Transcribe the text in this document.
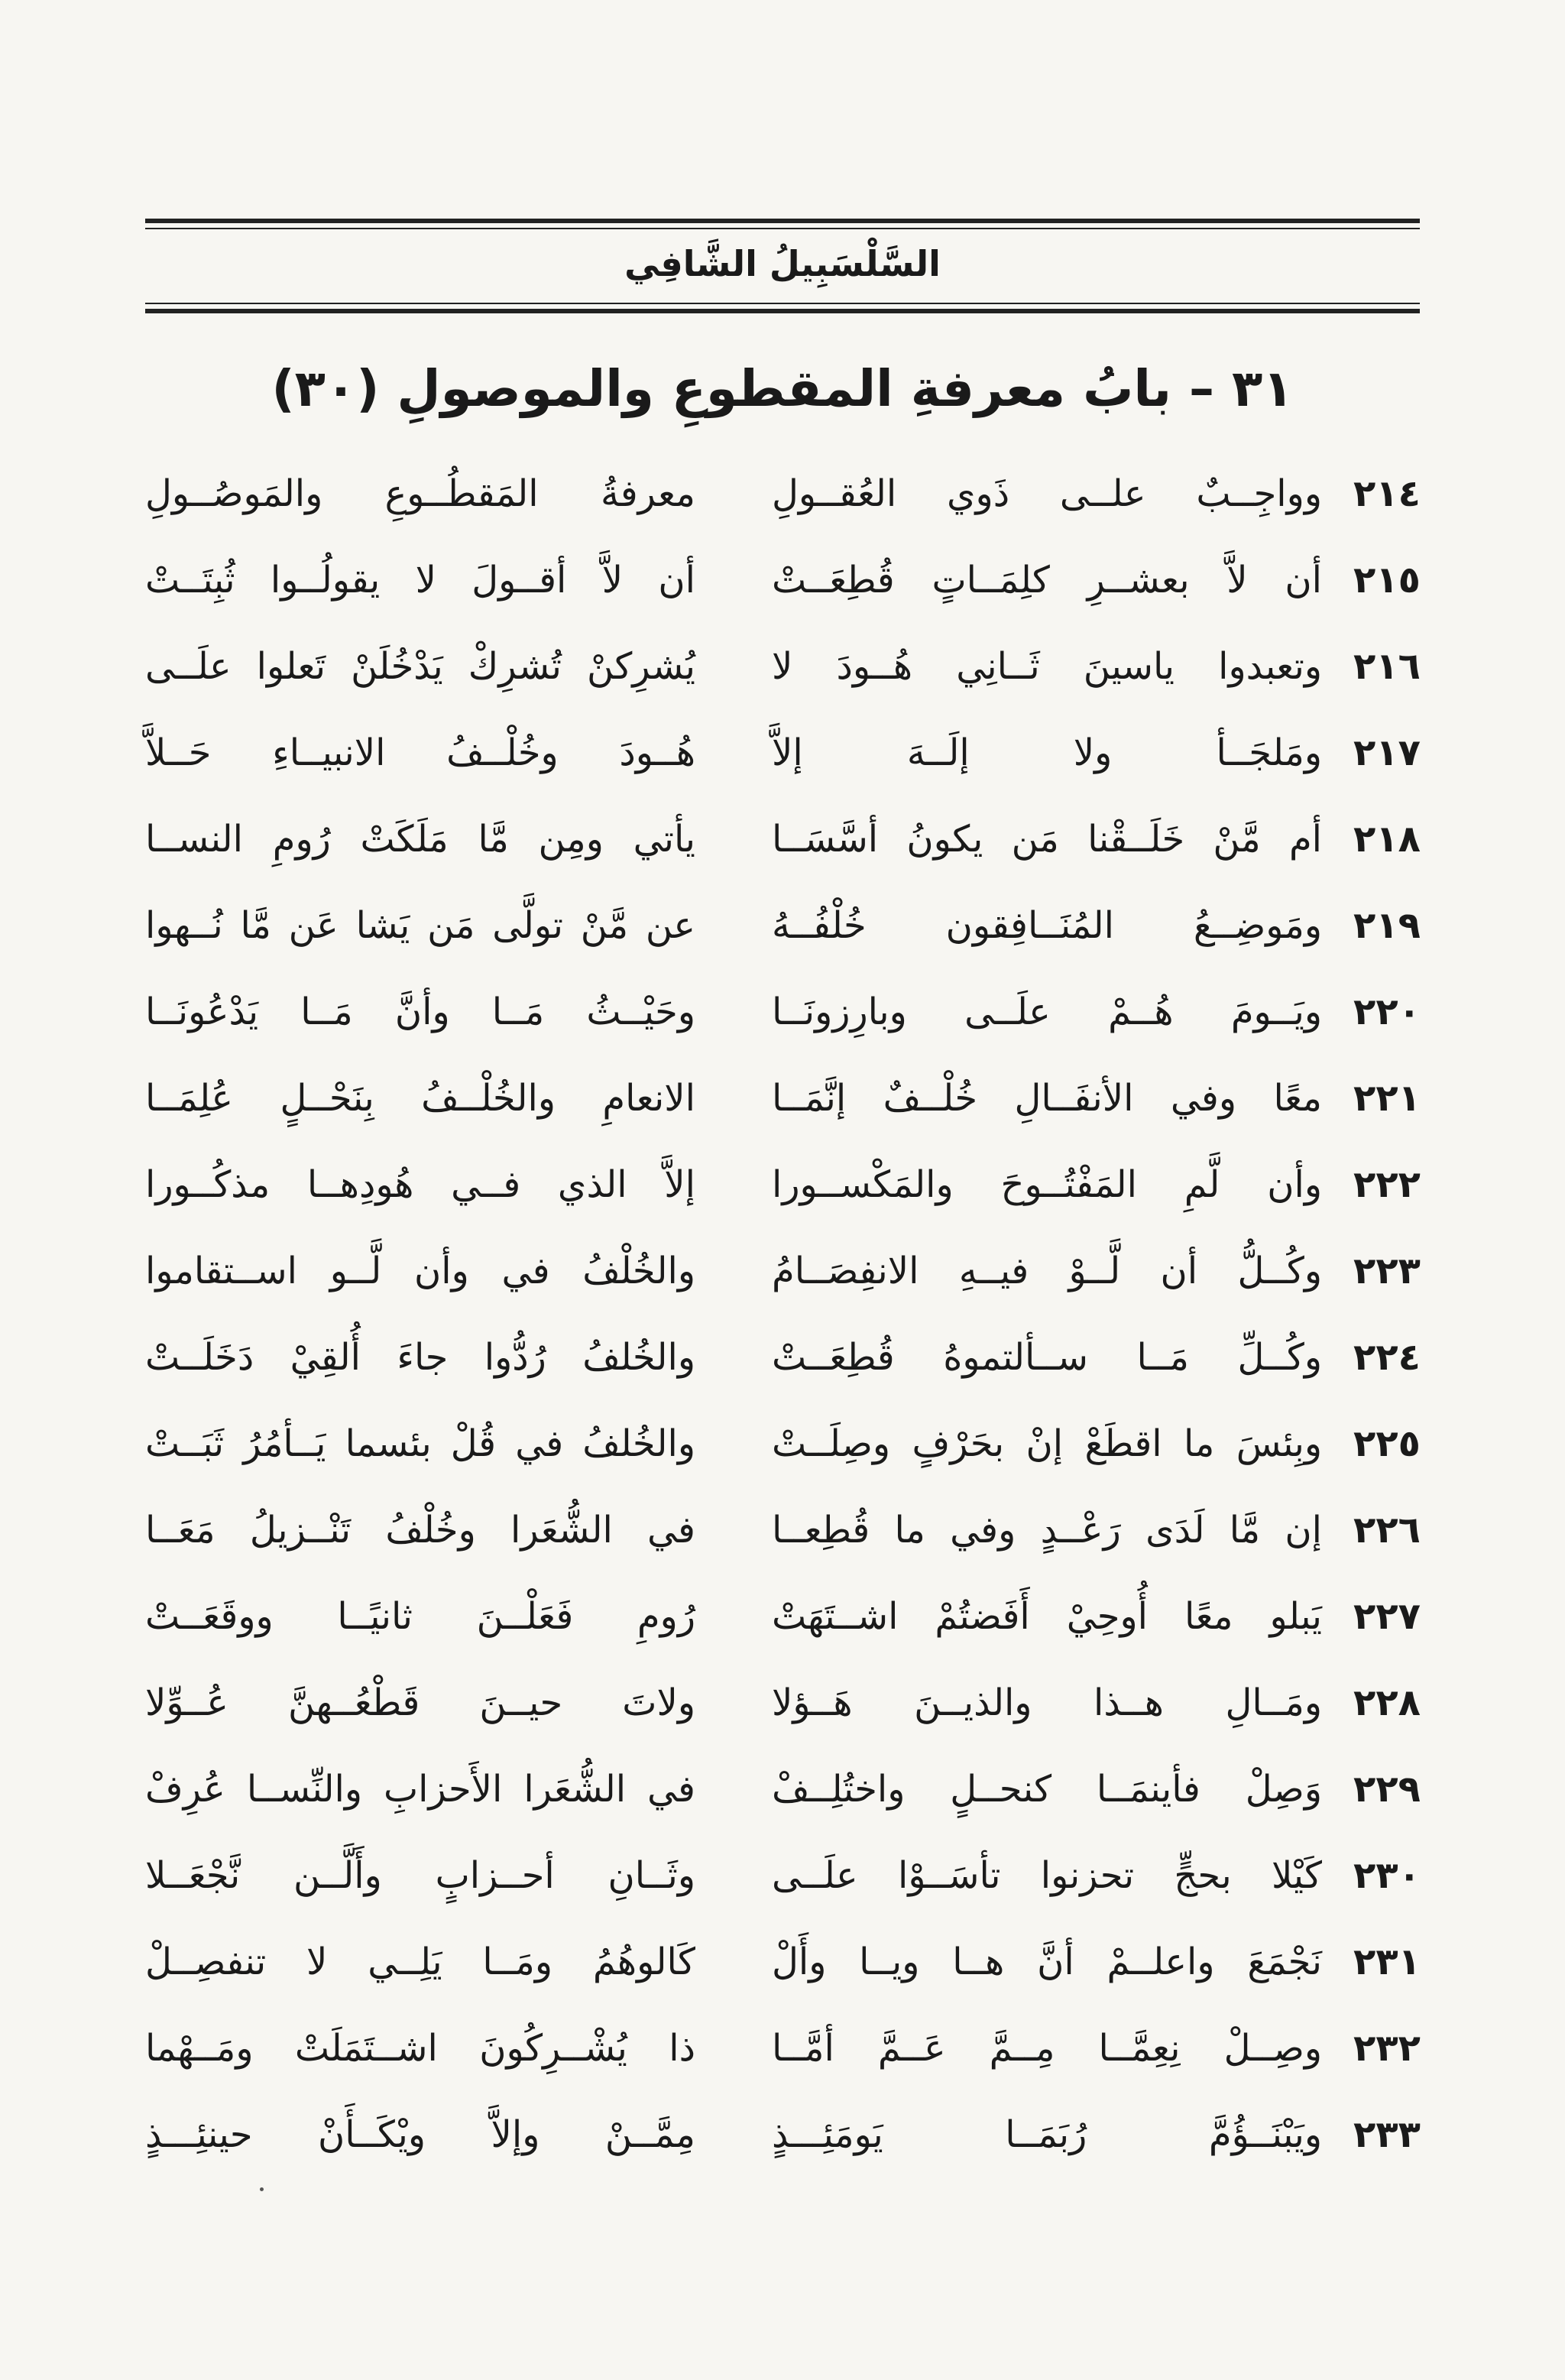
السَّلْسَبِيلُ الشَّافِي
٣١ – بابُ معرفةِ المقطوعِ والموصولِ (٣٠)
٢١٤
وواجِــبٌ علــى ذَوي العُقــولِ
معرفةُ المَقطُــوعِ والمَوصُــولِ
٢١٥
أن لاَّ بعشــرِ كلِمَــاتٍ قُطِعَــتْ
أن لاَّ أقــولَ لا يقولُــوا ثُبِتَــتْ
٢١٦
وتعبدوا ياسينَ ثَــانِي هُــودَ لا
يُشرِكنْ تُشرِكْ يَدْخُلَنْ تَعلوا علَــى
٢١٧
ومَلجَــأ ولا إلَــهَ إلاَّ
هُــودَ وخُلْــفُ الانبيــاءِ حَــلاَّ
٢١٨
أم مَّنْ خَلَــقْنا مَن يكونُ أسَّسَــا
يأتي ومِن مَّا مَلَكَتْ رُومِ النســا
٢١٩
ومَوضِــعُ المُنَــافِقون خُلْفُــهُ
عن مَّنْ تولَّى مَن يَشا عَن مَّا نُــهوا
٢٢٠
ويَــومَ هُــمْ علَــى وبارِزونَــا
وحَيْــثُ مَــا وأنَّ مَــا يَدْعُونَــا
٢٢١
معًا وفي الأنفَــالِ خُلْــفٌ إنَّمَــا
الانعامِ والخُلْــفُ بِنَحْــلٍ عُلِمَــا
٢٢٢
وأن لَّمِ المَفْتُــوحَ والمَكْســورا
إلاَّ الذي فــي هُودِهــا مذكُــورا
٢٢٣
وكُــلُّ أن لَّــوْ فيــهِ الانفِصَــامُ
والخُلْفُ في وأن لَّــو اســتقاموا
٢٢٤
وكُــلِّ مَــا ســألتموهُ قُطِعَــتْ
والخُلفُ رُدُّوا جاءَ أُلقِيْ دَخَلَــتْ
٢٢٥
وبِئسَ ما اقطَعْ إنْ بحَرْفٍ وصِلَــتْ
والخُلفُ في قُلْ بئسما يَــأمُرُ ثَبَــتْ
٢٢٦
إن مَّا لَدَى رَعْــدٍ وفي ما قُطِعــا
في الشُّعَرا وخُلْفُ تَنْــزيلُ مَعَــا
٢٢٧
يَبلو معًا أُوحِيْ أَفَضتُمْ اشــتَهَتْ
رُومِ فَعَلْــنَ ثانيًــا ووقَعَــتْ
٢٢٨
ومَــالِ هــذا والذيــنَ هَــؤلا
ولاتَ حيــنَ قَطْعُــهنَّ عُــوِّلا
٢٢٩
وَصِلْ فأينمَــا كنحــلٍ واختُلِــفْ
في الشُّعَرا الأَحزابِ والنِّســا عُرِفْ
٢٣٠
كَيْلا بحجٍّ تحزنوا تأسَــوْا علَــى
وثَــانِ أحــزابٍ وأَلَّــن نَّجْعَــلا
٢٣١
نَجْمَعَ واعلــمْ أنَّ هــا ويــا وأَلْ
كَالوهُمُ ومَــا يَلِــي لا تنفصِــلْ
٢٣٢
وصِــلْ نِعِمَّــا مِــمَّ عَــمَّ أمَّــا
ذا يُشْــرِكُونَ اشــتَمَلَتْ ومَــهْما
٢٣٣
ويَبْنَــؤُمَّ رُبَمَــا يَومَئِـــذٍ
مِمَّــنْ وإلاَّ ويْكَــأَنْ حينئِـــذٍ
